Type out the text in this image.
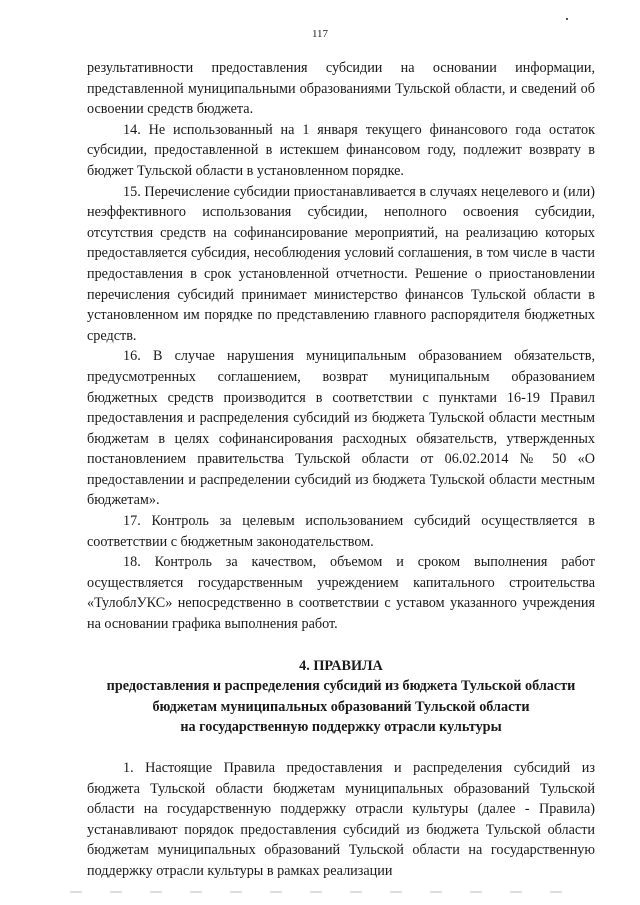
117

результативности предоставления субсидии на основании информации, представленной муниципальными образованиями Тульской области, и сведений об освоении средств бюджета.

14. Не использованный на 1 января текущего финансового года остаток субсидии, предоставленной в истекшем финансовом году, подлежит возврату в бюджет Тульской области в установленном порядке.

15. Перечисление субсидии приостанавливается в случаях нецелевого и (или) неэффективного использования субсидии, неполного освоения субсидии, отсутствия средств на софинансирование мероприятий, на реализацию которых предоставляется субсидия, несоблюдения условий соглашения, в том числе в части предоставления в срок установленной отчетности. Решение о приостановлении перечисления субсидий принимает министерство финансов Тульской области в установленном им порядке по представлению главного распорядителя бюджетных средств.

16. В случае нарушения муниципальным образованием обязательств, предусмотренных соглашением, возврат муниципальным образованием бюджетных средств производится в соответствии с пунктами 16-19 Правил предоставления и распределения субсидий из бюджета Тульской области местным бюджетам в целях софинансирования расходных обязательств, утвержденных постановлением правительства Тульской области от 06.02.2014 № 50 «О предоставлении и распределении субсидий из бюджета Тульской области местным бюджетам».

17. Контроль за целевым использованием субсидий осуществляется в соответствии с бюджетным законодательством.

18. Контроль за качеством, объемом и сроком выполнения работ осуществляется государственным учреждением капитального строительства «ТулоблУКС» непосредственно в соответствии с уставом указанного учреждения на основании графика выполнения работ.

4. ПРАВИЛА
предоставления и распределения субсидий из бюджета Тульской области
бюджетам муниципальных образований Тульской области
на государственную поддержку отрасли культуры

1. Настоящие Правила предоставления и распределения субсидий из бюджета Тульской области бюджетам муниципальных образований Тульской области на государственную поддержку отрасли культуры (далее - Правила) устанавливают порядок предоставления субсидий из бюджета Тульской области бюджетам муниципальных образований Тульской области на государственную поддержку отрасли культуры в рамках реализации
